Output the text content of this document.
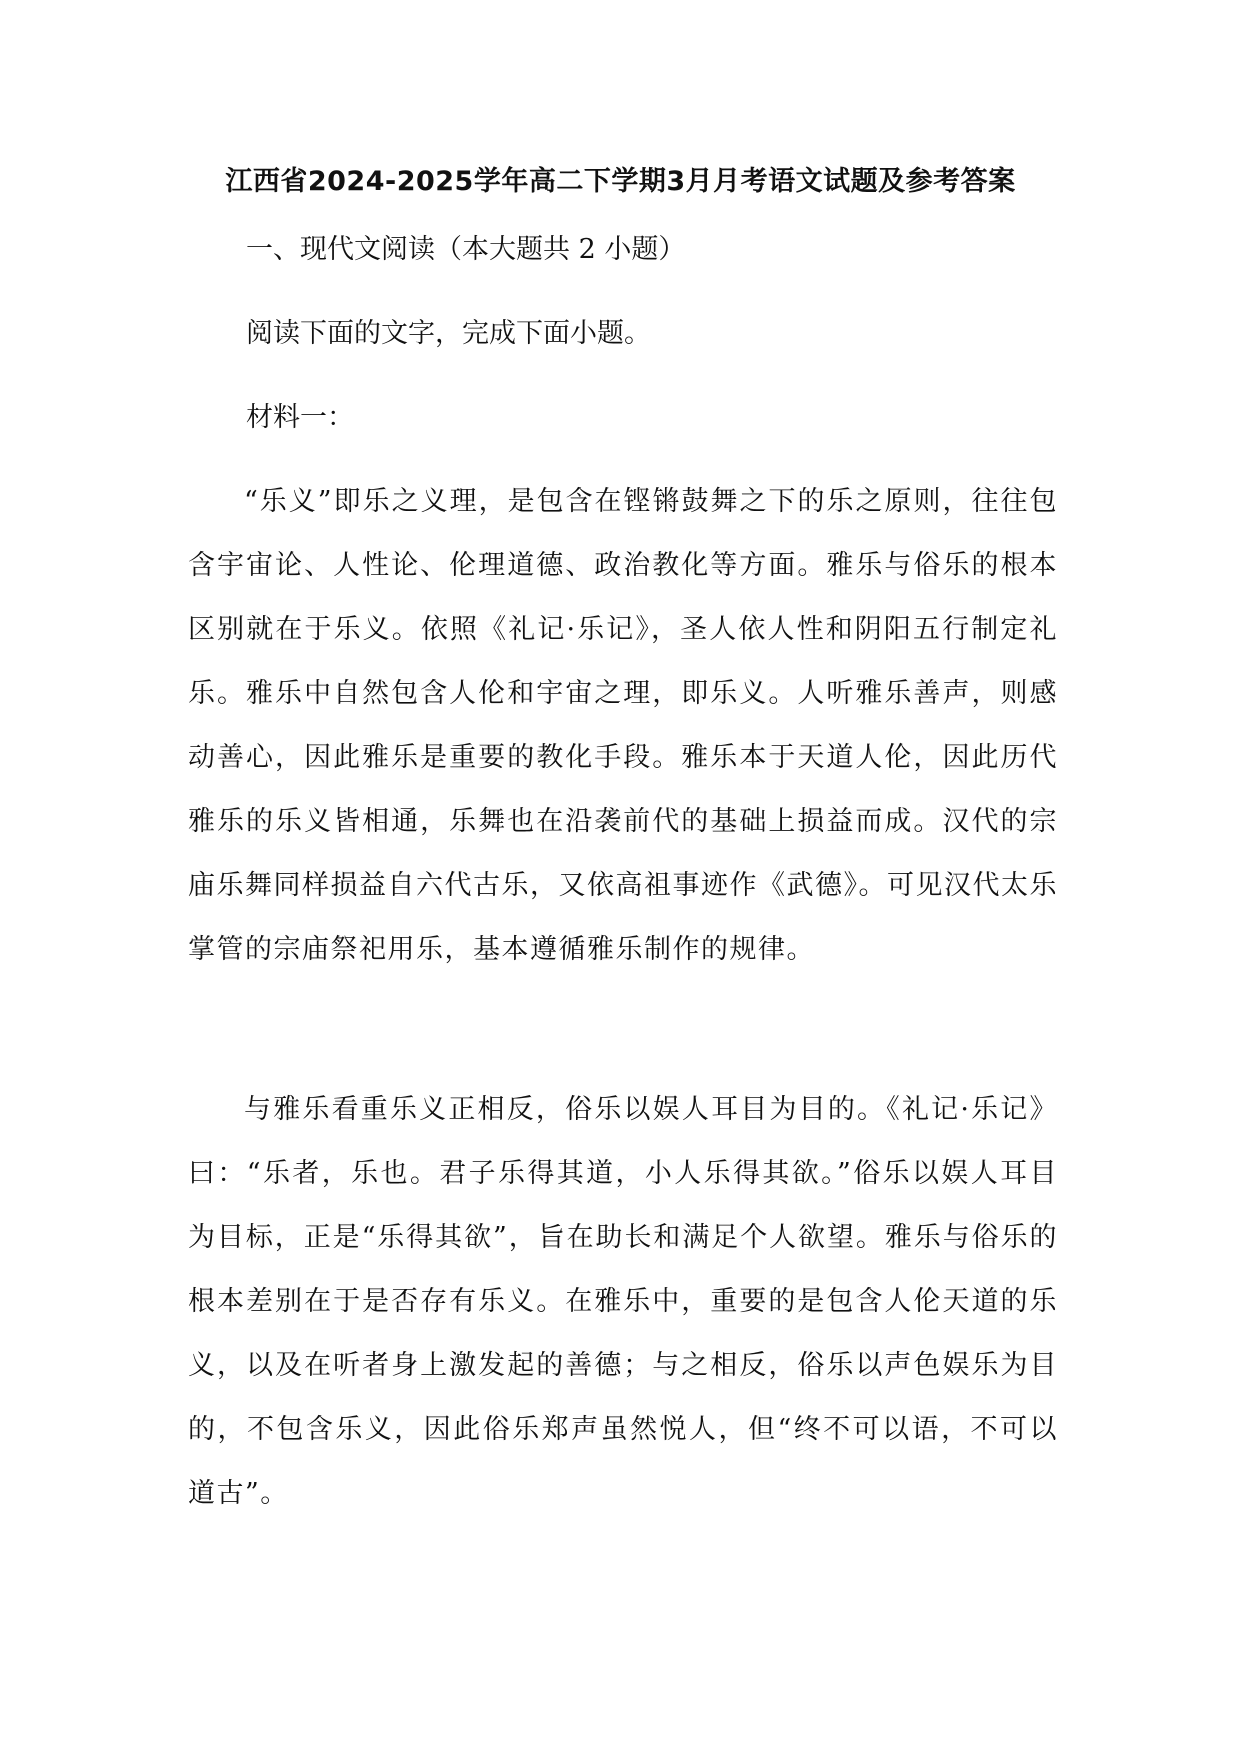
江西省2024-2025学年高二下学期3月月考语文试题及参考答案
一、现代文阅读（本大题共 2 小题）
阅读下面的文字，完成下面小题。
材料一：

“乐义”即乐之义理，是包含在铿锵鼓舞之下的乐之原则，往往包含宇宙论、人性论、伦理道德、政治教化等方面。雅乐与俗乐的根本区别就在于乐义。依照《礼记·乐记》，圣人依人性和阴阳五行制定礼乐。雅乐中自然包含人伦和宇宙之理，即乐义。人听雅乐善声，则感动善心，因此雅乐是重要的教化手段。雅乐本于天道人伦，因此历代雅乐的乐义皆相通，乐舞也在沿袭前代的基础上损益而成。汉代的宗庙乐舞同样损益自六代古乐，又依高祖事迹作《武德》。可见汉代太乐掌管的宗庙祭祀用乐，基本遵循雅乐制作的规律。

与雅乐看重乐义正相反，俗乐以娱人耳目为目的。《礼记·乐记》曰：“乐者，乐也。君子乐得其道，小人乐得其欲。”俗乐以娱人耳目为目标，正是“乐得其欲”，旨在助长和满足个人欲望。雅乐与俗乐的根本差别在于是否存有乐义。在雅乐中，重要的是包含人伦天道的乐义，以及在听者身上激发起的善德；与之相反，俗乐以声色娱乐为目的，不包含乐义，因此俗乐郑声虽然悦人，但“终不可以语，不可以道古”。
